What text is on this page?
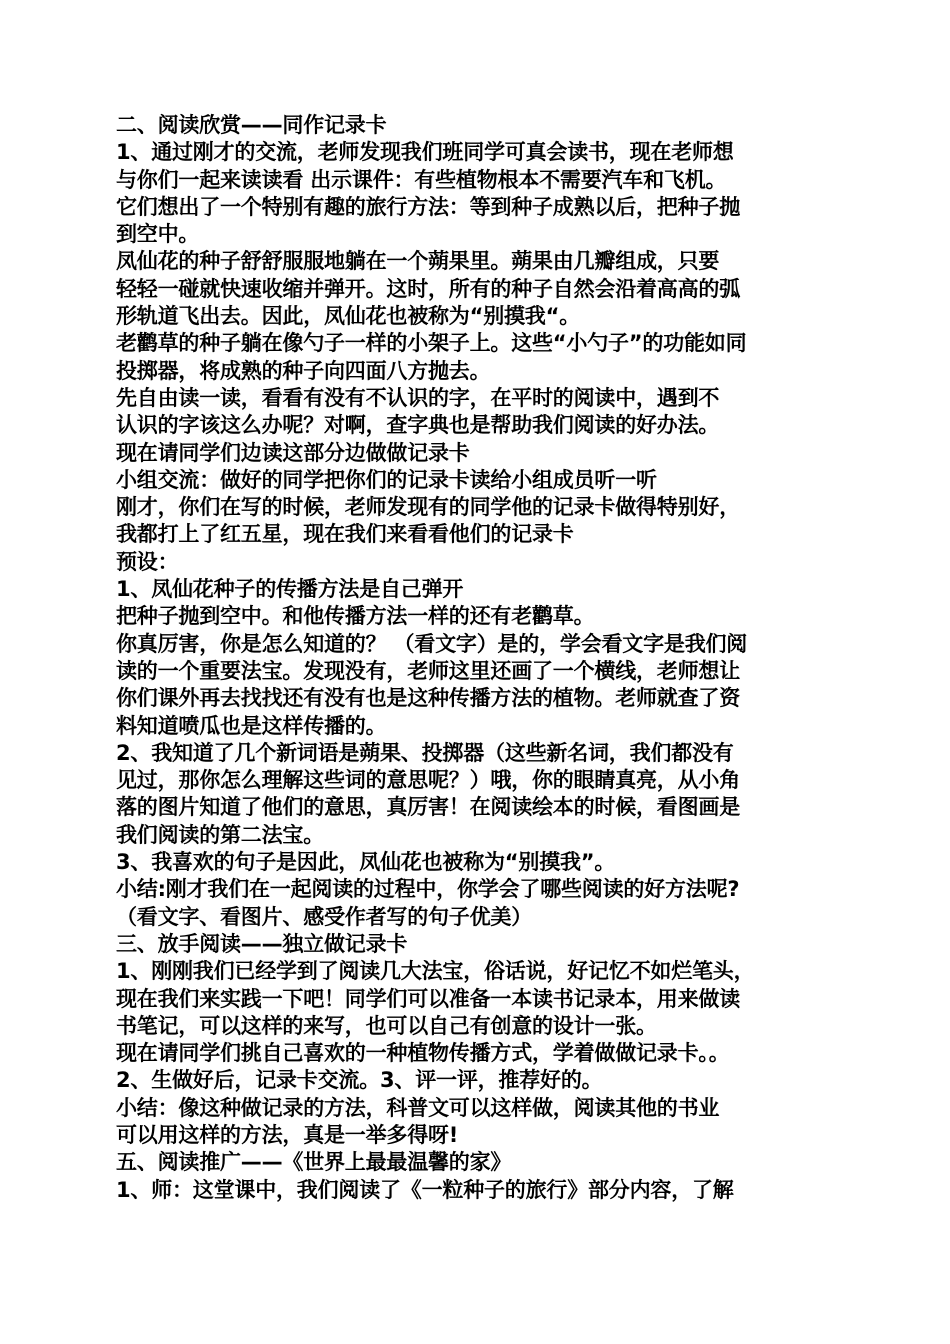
二、阅读欣赏——同作记录卡
1、通过刚才的交流，老师发现我们班同学可真会读书，现在老师想
与你们一起来读读看 出示课件：有些植物根本不需要汽车和飞机。
它们想出了一个特别有趣的旅行方法：等到种子成熟以后，把种子抛
到空中。
凤仙花的种子舒舒服服地躺在一个蒴果里。蒴果由几瓣组成，只要
轻轻一碰就快速收缩并弹开。这时，所有的种子自然会沿着高高的弧
形轨道飞出去。因此，凤仙花也被称为“别摸我“。
老鹳草的种子躺在像勺子一样的小架子上。这些“小勺子”的功能如同
投掷器，将成熟的种子向四面八方抛去。
先自由读一读，看看有没有不认识的字，在平时的阅读中，遇到不
认识的字该这么办呢？对啊，查字典也是帮助我们阅读的好办法。
现在请同学们边读这部分边做做记录卡
小组交流：做好的同学把你们的记录卡读给小组成员听一听
刚才，你们在写的时候，老师发现有的同学他的记录卡做得特别好，
我都打上了红五星，现在我们来看看他们的记录卡
预设：
1、凤仙花种子的传播方法是自己弹开
把种子抛到空中。和他传播方法一样的还有老鹳草。
你真厉害，你是怎么知道的？ （看文字）是的，学会看文字是我们阅
读的一个重要法宝。发现没有，老师这里还画了一个横线，老师想让
你们课外再去找找还有没有也是这种传播方法的植物。老师就查了资
料知道喷瓜也是这样传播的。
2、我知道了几个新词语是蒴果、投掷器（这些新名词，我们都没有
见过，那你怎么理解这些词的意思呢？）哦，你的眼睛真亮，从小角
落的图片知道了他们的意思，真厉害！在阅读绘本的时候，看图画是
我们阅读的第二法宝。
3、我喜欢的句子是因此，凤仙花也被称为“别摸我”。
小结:刚才我们在一起阅读的过程中，你学会了哪些阅读的好方法呢?
（看文字、看图片、感受作者写的句子优美）
三、放手阅读——独立做记录卡
1、刚刚我们已经学到了阅读几大法宝，俗话说，好记忆不如烂笔头，
现在我们来实践一下吧！同学们可以准备一本读书记录本，用来做读
书笔记，可以这样的来写，也可以自己有创意的设计一张。
现在请同学们挑自己喜欢的一种植物传播方式，学着做做记录卡。。
2、生做好后，记录卡交流。3、评一评，推荐好的。
小结：像这种做记录的方法，科普文可以这样做，阅读其他的书业
可以用这样的方法，真是一举多得呀!
五、阅读推广——《世界上最最温馨的家》
1、师：这堂课中，我们阅读了《一粒种子的旅行》部分内容，了解
